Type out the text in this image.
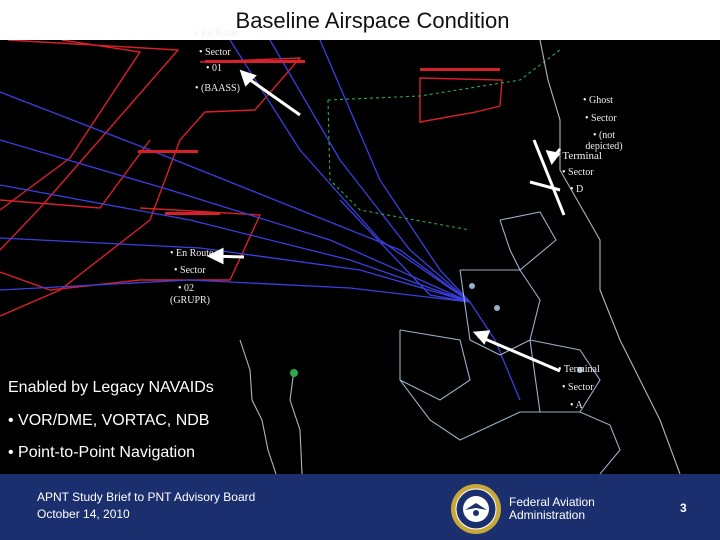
Baseline Airspace Condition
• En Route
• Sector
• 01
• (BAASS)
• Ghost
• Sector
• (not depicted)
• Terminal
• Sector
• D
• En Route
• Sector
• 02
(GRUPR)
• Terminal
• Sector
• A
Enabled by Legacy NAVAIDs
• VOR/DME, VORTAC, NDB
• Point-to-Point Navigation
APNT Study Brief to PNT Advisory Board
October 14, 2010
Federal Aviation
Administration	3
